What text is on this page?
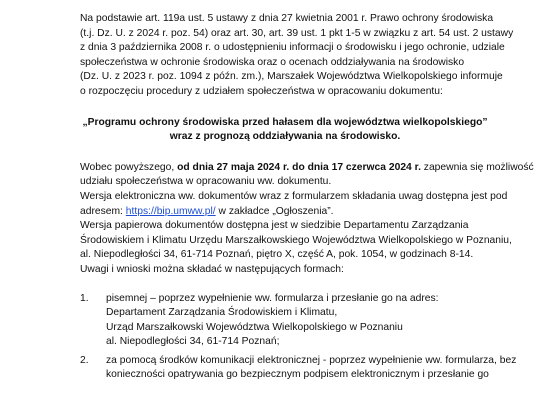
Na podstawie art. 119a ust. 5 ustawy z dnia 27 kwietnia 2001 r. Prawo ochrony środowiska
(t.j. Dz. U. z 2024 r. poz. 54) oraz art. 30, art. 39 ust. 1 pkt 1-5 w związku z art. 54 ust. 2 ustawy
z dnia 3 października 2008 r. o udostępnieniu informacji o środowisku i jego ochronie, udziale
społeczeństwa w ochronie środowiska oraz o ocenach oddziaływania na środowisko
(Dz. U. z 2023 r. poz. 1094 z późn. zm.), Marszałek Województwa Wielkopolskiego informuje
o rozpoczęciu procedury z udziałem społeczeństwa w opracowaniu dokumentu:
„Programu ochrony środowiska przed hałasem dla województwa wielkopolskiego”
wraz z prognozą oddziaływania na środowisko.
Wobec powyższego, od dnia 27 maja 2024 r. do dnia 17 czerwca 2024 r. zapewnia się możliwość
udziału społeczeństwa w opracowaniu ww. dokumentu.
Wersja elektroniczna ww. dokumentów wraz z formularzem składania uwag dostępna jest pod
adresem: https://bip.umww.pl/ w zakładce „Ogłoszenia”.
Wersja papierowa dokumentów dostępna jest w siedzibie Departamentu Zarządzania
Środowiskiem i Klimatu Urzędu Marszałkowskiego Województwa Wielkopolskiego w Poznaniu,
al. Niepodległości 34, 61-714 Poznań, piętro X, część A, pok. 1054, w godzinach 8-14.
Uwagi i wnioski można składać w następujących formach:
1. pisemnej – poprzez wypełnienie ww. formularza i przesłanie go na adres:
Departament Zarządzania Środowiskiem i Klimatu,
Urząd Marszałkowski Województwa Wielkopolskiego w Poznaniu
al. Niepodległości 34, 61-714 Poznań;
2. za pomocą środków komunikacji elektronicznej - poprzez wypełnienie ww. formularza, bez
konieczności opatrywania go bezpiecznym podpisem elektronicznym i przesłanie go
